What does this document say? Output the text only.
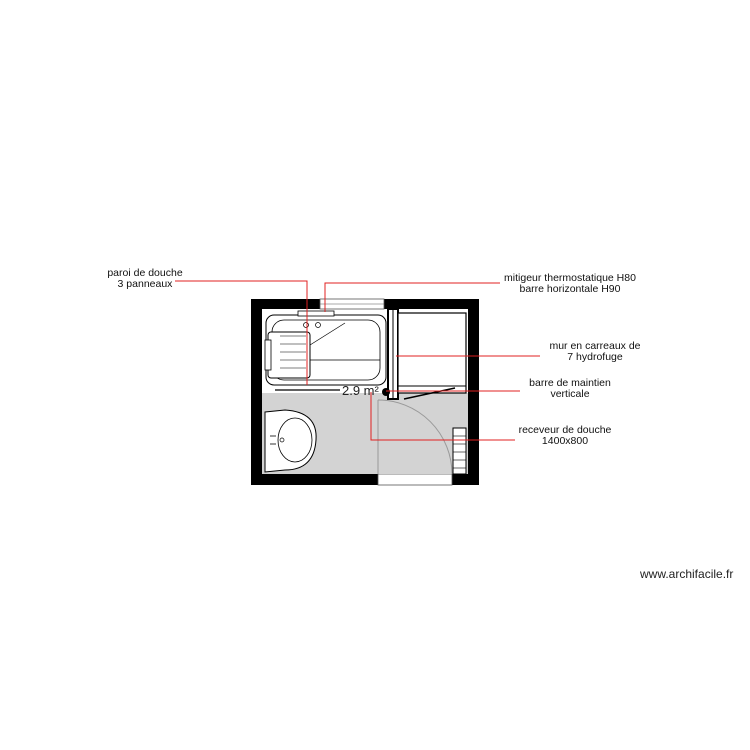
2.9 m²
paroi de douche
3 panneaux	mitigeur thermostatique H80
barre horizontale H90
mur en carreaux de
7 hydrofuge
barre de maintien
verticale
receveur de douche
1400x800
www.archifacile.fr
